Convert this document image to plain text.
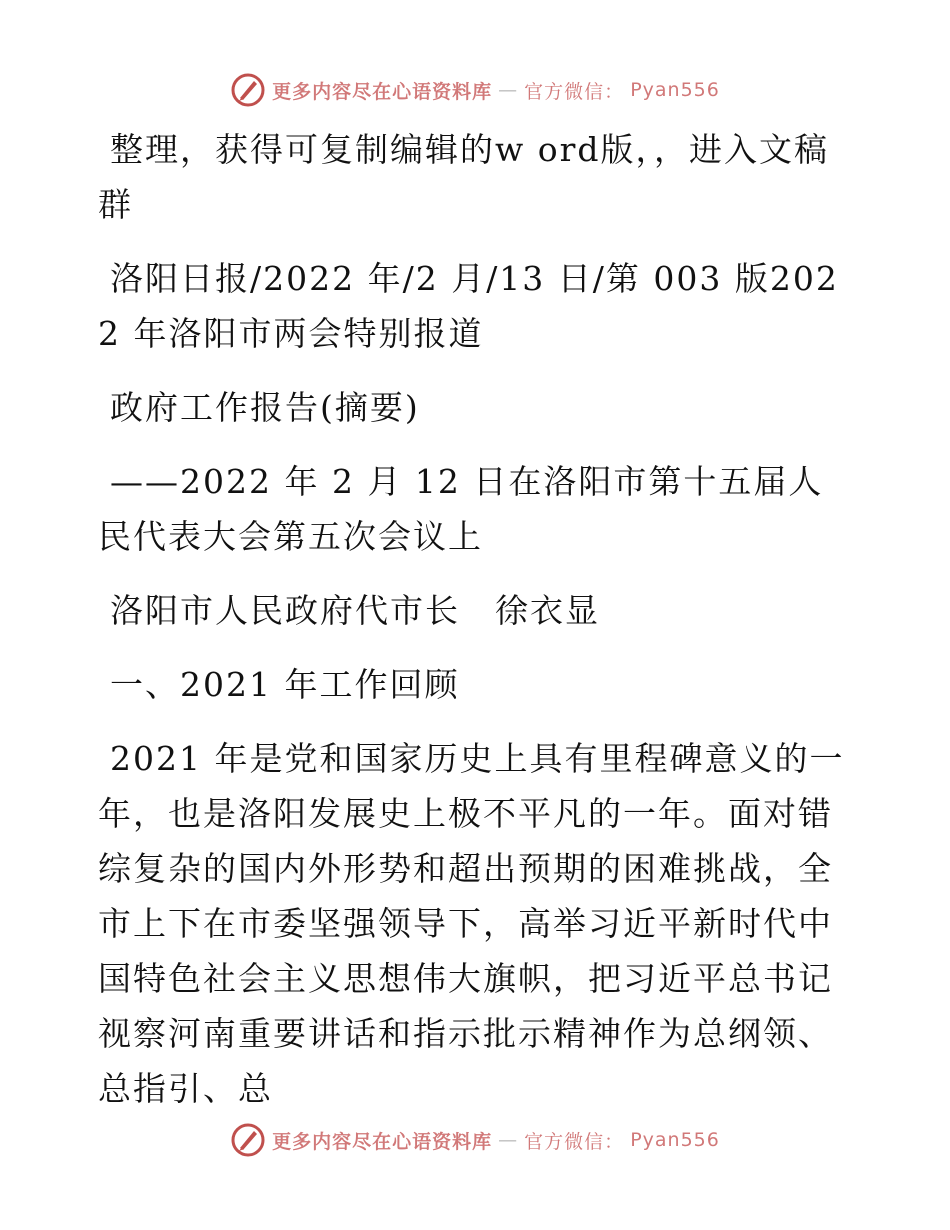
更多内容尽在心语资料库 — 官方微信： Pyan556

整理，获得可复制编辑的w ord版，，进入文稿群

洛阳日报/2022 年/2 月/13 日/第 003 版2022 年洛阳市两会特别报道

政府工作报告(摘要)

——2022 年 2 月 12 日在洛阳市第十五届人民代表大会第五次会议上

洛阳市人民政府代市长　徐衣显

一、2021 年工作回顾

2021 年是党和国家历史上具有里程碑意义的一年，也是洛阳发展史上极不平凡的一年。面对错综复杂的国内外形势和超出预期的困难挑战，全市上下在市委坚强领导下，高举习近平新时代中国特色社会主义思想伟大旗帜，把习近平总书记视察河南重要讲话和指示批示精神作为总纲领、总指引、总

更多内容尽在心语资料库 — 官方微信： Pyan556
